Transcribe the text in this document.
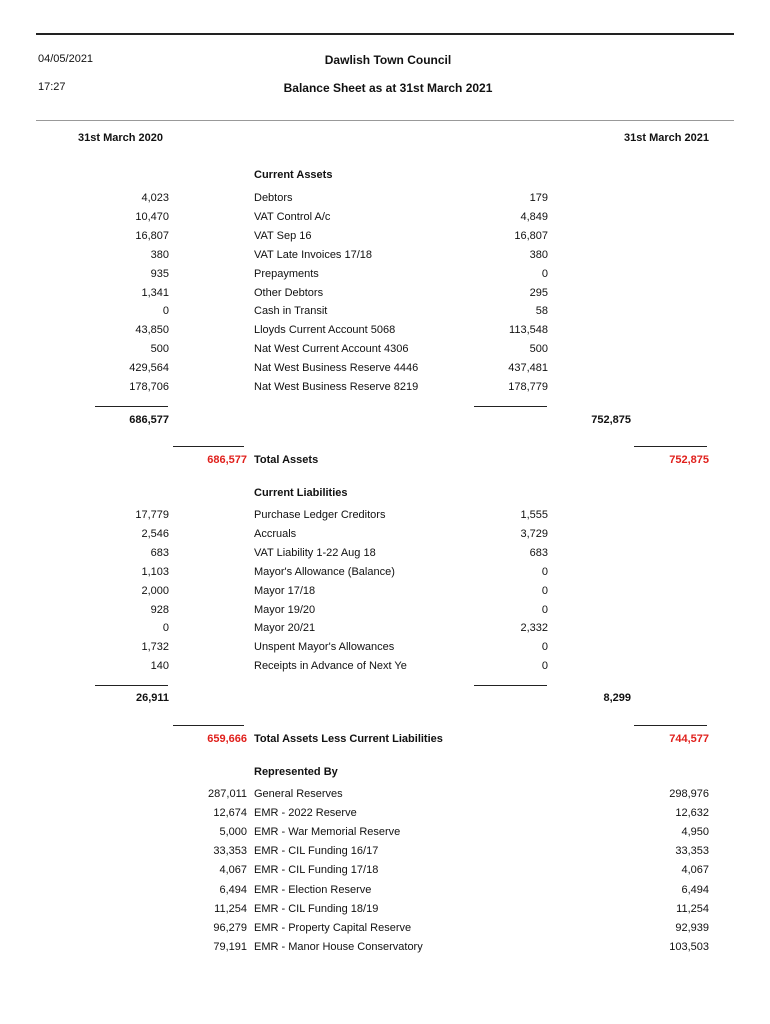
04/05/2021
17:27
Dawlish Town Council
Balance Sheet as at 31st March 2021
31st March 2020	31st March 2021
Current Assets
4,023	Debtors	179
10,470	VAT Control A/c	4,849
16,807	VAT Sep 16	16,807
380	VAT Late Invoices 17/18	380
935	Prepayments	0
1,341	Other Debtors	295
0	Cash in Transit	58
43,850	Lloyds Current Account 5068	113,548
500	Nat West Current Account 4306	500
429,564	Nat West Business Reserve 4446	437,481
178,706	Nat West Business Reserve 8219	178,779
686,577	752,875
686,577 Total Assets	752,875
Current Liabilities
17,779	Purchase Ledger Creditors	1,555
2,546	Accruals	3,729
683	VAT Liability 1-22 Aug 18	683
1,103	Mayor's Allowance (Balance)	0
2,000	Mayor 17/18	0
928	Mayor 19/20	0
0	Mayor 20/21	2,332
1,732	Unspent Mayor's Allowances	0
140	Receipts in Advance of Next Ye	0
26,911	8,299
659,666 Total Assets Less Current Liabilities	744,577
Represented By
287,011 General Reserves	298,976
12,674 EMR - 2022 Reserve	12,632
5,000 EMR - War Memorial Reserve	4,950
33,353 EMR - CIL Funding 16/17	33,353
4,067 EMR - CIL Funding 17/18	4,067
6,494 EMR - Election Reserve	6,494
11,254 EMR - CIL Funding 18/19	11,254
96,279 EMR - Property Capital Reserve	92,939
79,191 EMR - Manor House Conservatory	103,503
